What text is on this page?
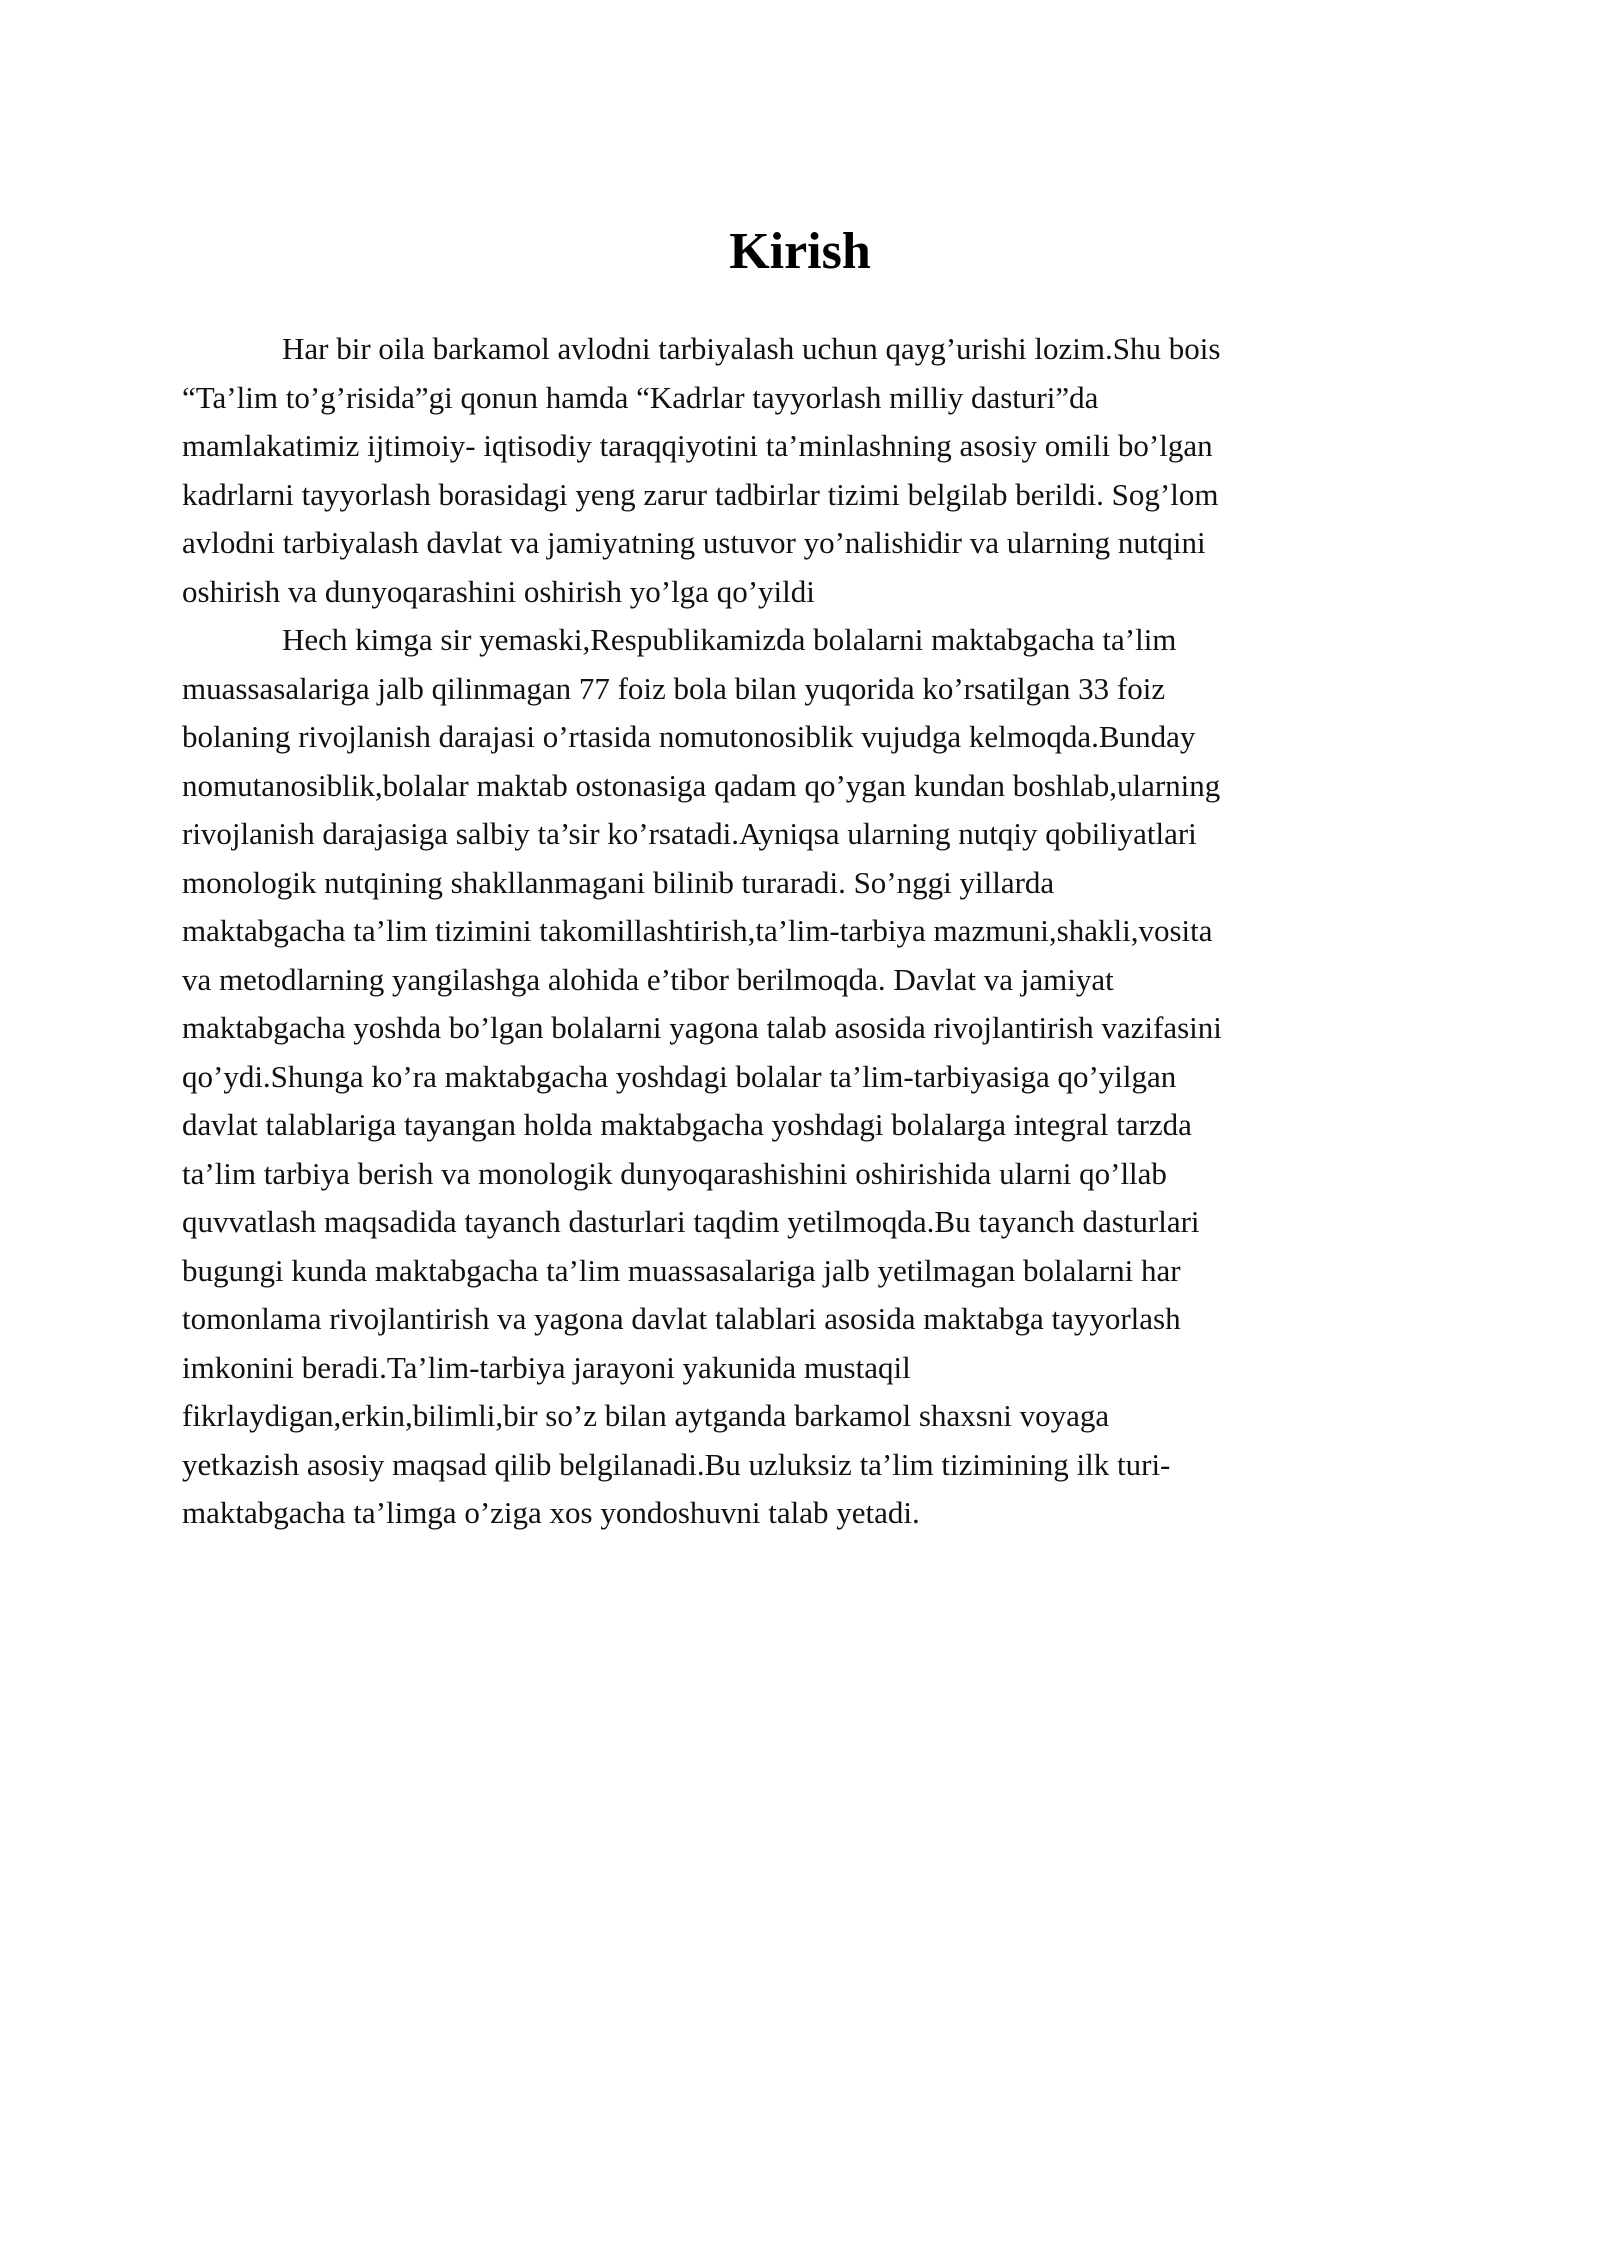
Kirish
Har bir oila barkamol avlodni tarbiyalash uchun qayg’urishi lozim.Shu bois
“Ta’lim to’g’risida”gi qonun hamda “Kadrlar tayyorlash milliy dasturi”da
mamlakatimiz ijtimoiy- iqtisodiy taraqqiyotini ta’minlashning asosiy omili bo’lgan
kadrlarni tayyorlash borasidagi yeng zarur tadbirlar tizimi belgilab berildi. Sog’lom
avlodni tarbiyalash davlat va jamiyatning ustuvor yo’nalishidir va ularning nutqini
oshirish va dunyoqarashini oshirish yo’lga qo’yildi
Hech kimga sir yemaski,Respublikamizda bolalarni maktabgacha ta’lim
muassasalariga jalb qilinmagan 77 foiz bola bilan yuqorida ko’rsatilgan 33 foiz
bolaning rivojlanish darajasi o’rtasida nomutonosiblik vujudga kelmoqda.Bunday
nomutanosiblik,bolalar maktab ostonasiga qadam qo’ygan kundan boshlab,ularning
rivojlanish darajasiga salbiy ta’sir ko’rsatadi.Ayniqsa ularning nutqiy qobiliyatlari
monologik nutqining shakllanmagani bilinib turaradi. So’nggi yillarda
maktabgacha ta’lim tizimini takomillashtirish,ta’lim-tarbiya mazmuni,shakli,vosita
va metodlarning yangilashga alohida e’tibor berilmoqda. Davlat va jamiyat
maktabgacha yoshda bo’lgan bolalarni yagona talab asosida rivojlantirish vazifasini
qo’ydi.Shunga ko’ra maktabgacha yoshdagi bolalar ta’lim-tarbiyasiga qo’yilgan
davlat talablariga tayangan holda maktabgacha yoshdagi bolalarga integral tarzda
ta’lim tarbiya berish va monologik dunyoqarashishini oshirishida ularni qo’llab
quvvatlash maqsadida tayanch dasturlari taqdim yetilmoqda.Bu tayanch dasturlari
bugungi kunda maktabgacha ta’lim muassasalariga jalb yetilmagan bolalarni har
tomonlama rivojlantirish va yagona davlat talablari asosida maktabga tayyorlash
imkonini beradi.Ta’lim-tarbiya jarayoni yakunida mustaqil
fikrlaydigan,erkin,bilimli,bir so’z bilan aytganda barkamol shaxsni voyaga
yetkazish asosiy maqsad qilib belgilanadi.Bu uzluksiz ta’lim tizimining ilk turi-
maktabgacha ta’limga o’ziga xos yondoshuvni talab yetadi.
